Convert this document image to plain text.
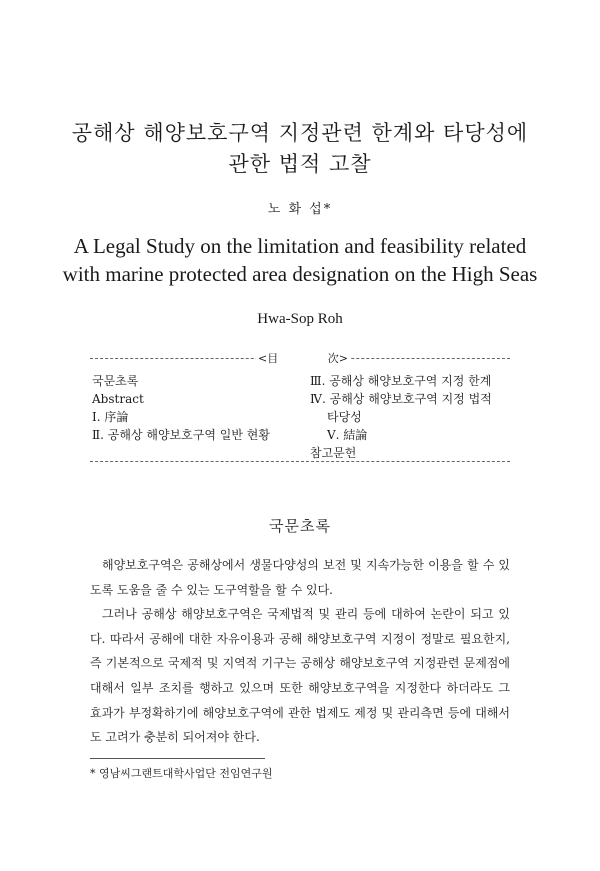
공해상 해양보호구역 지정관련 한계와 타당성에
관한 법적 고찰
노 화 섭*
A Legal Study on the limitation and feasibility related
with marine protected area designation on the High Seas
Hwa-Sop Roh
<目	次>
국문초록
Abstract
Ⅰ. 序論
Ⅱ. 공해상 해양보호구역 일반 현황
Ⅲ. 공해상 해양보호구역 지정 한계
Ⅳ. 공해상 해양보호구역 지정 법적
타당성
Ⅴ. 結論
참고문헌
국문초록

해양보호구역은 공해상에서 생물다양성의 보전 및 지속가능한 이용을 할 수 있도록 도움을 줄 수 있는 도구역할을 할 수 있다.

그러나 공해상 해양보호구역은 국제법적 및 관리 등에 대하여 논란이 되고 있다. 따라서 공해에 대한 자유이용과 공해 해양보호구역 지정이 정말로 필요한지, 즉 기본적으로 국제적 및 지역적 기구는 공해상 해양보호구역 지정관련 문제점에 대해서 일부 조치를 행하고 있으며 또한 해양보호구역을 지정한다 하더라도 그 효과가 부정확하기에 해양보호구역에 관한 법제도 제정 및 관리측면 등에 대해서도 고려가 충분히 되어져야 한다.

* 영남씨그랜트대학사업단 전임연구원
